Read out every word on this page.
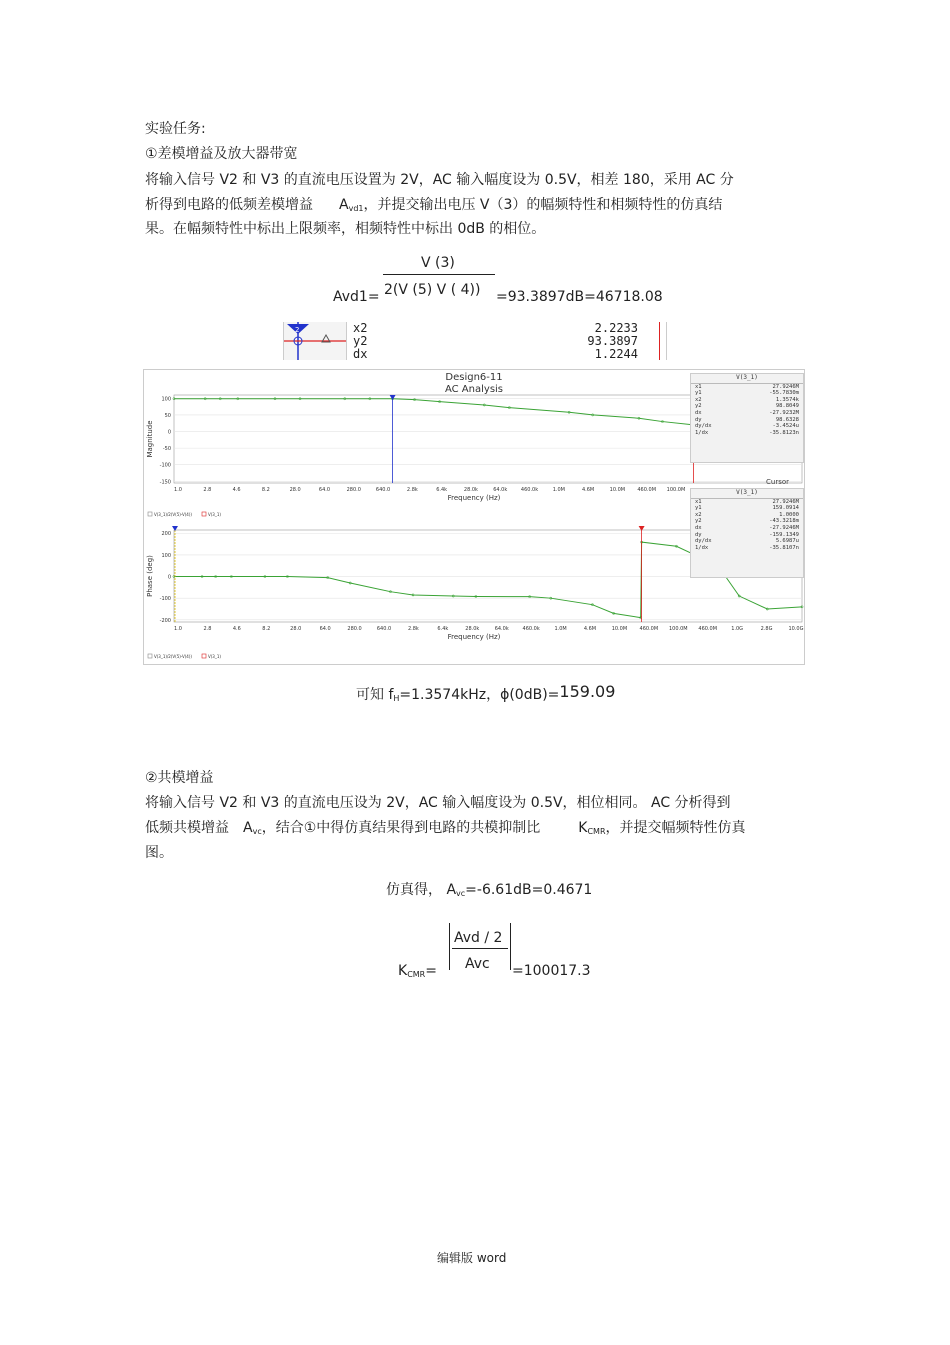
实验任务:
①差模增益及放大器带宽
将输入信号 V2 和 V3 的直流电压设置为 2V，AC 输入幅度设为 0.5V，相差 180，采用 AC 分
析得到电路的低频差模增益 $A_{vd1}$，并提交输出电压 V（3）的幅频特性和相频特性的仿真结
果。在幅频特性中标出上限频率，相频特性中标出 0dB 的相位。
V (3)
Avd1= 2(V (5) V ( 4)) =93.3897dB=46718.08
2	x2	2.2233
y2	93.3897
dx	1.2244
Design6-11
AC Analysis
100
50
0
-50
-100
-150
Magnitude
1.0	2.8	4.6	8.2	28.0	64.0	280.0	640.0	2.8k	6.4k	28.0k	64.0k	460.0k	1.0M	4.6M	10.0M 460.0M 100.0M
Frequency (Hz)
V(3_1)/2(V(5)-V(4))	V(3_1)
200
100
0
-100
-200
Phase (deg)
1.0	2.8	4.6	8.2	28.0	64.0	280.0	640.0	2.8k	6.4k	28.0k	64.0k	460.0k	1.0M	4.6M	10.0M 460.0M 100.0M 460.0M	1.0G	2.8G	10.0G
Frequency (Hz)
V(3_1)/2(V(5)-V(4))	V(3_1)
V(3_1)
x1	27.9246M
y1	-55.7830m
x2	1.3574k
y2	98.8049
dx	-27.9232M
dy	98.6328
dy/dx	-3.4524u
1/dx	-35.8123n
Cursor
V(3_1)
x1	27.9246M
y1	159.0914
x2	1.0000
y2	-43.3218m
dx	-27.9246M
dy	-159.1349
dy/dx	5.6987u
1/dx	-35.8107n
可知 $f_H=1.3574kHz$，ϕ(0dB)=159.09
②共模增益
将输入信号 V2 和 V3 的直流电压设为 2V，AC 输入幅度设为 0.5V，相位相同。 AC 分析得到
低频共模增益 $A_{vc}$，结合①中得仿真结果得到电路的共模抑制比	$K_{CMR}$，并提交幅频特性仿真
图。
仿真得， $A_{vc}=-6.61dB=0.4671$
Avd / 2
Avc
$K_{CMR}=$	=100017.3
编辑版 word
